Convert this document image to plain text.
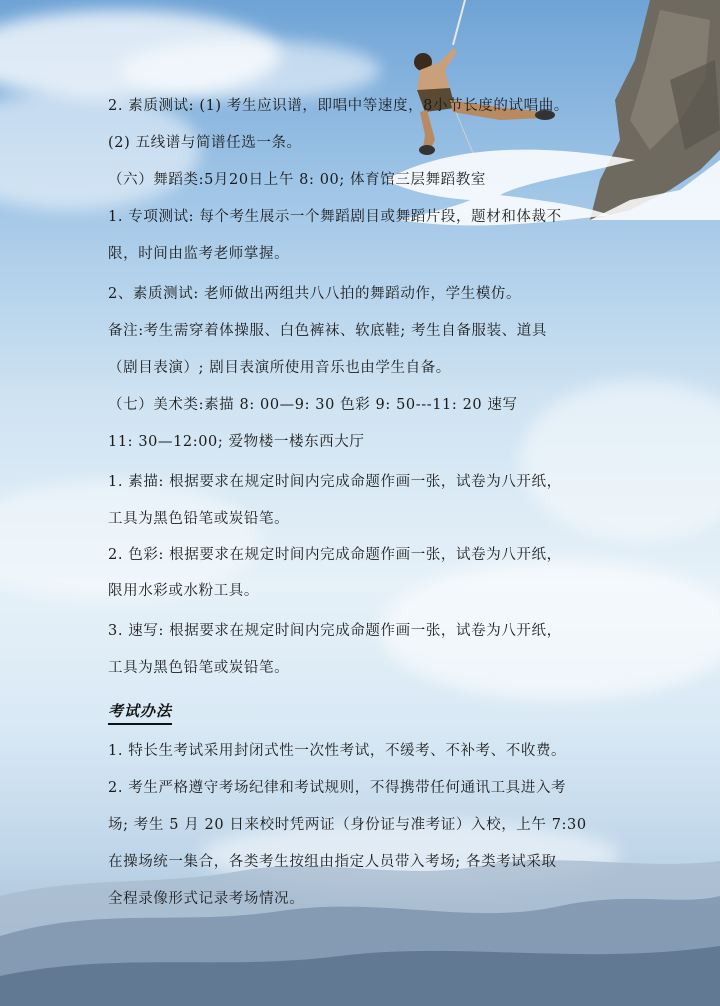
2. 素质测试: (1) 考生应识谱，即唱中等速度，8小节长度的试唱曲。
(2) 五线谱与简谱任选一条。
（六）舞蹈类:5月20日上午 8: 00; 体育馆三层舞蹈教室
1. 专项测试: 每个考生展示一个舞蹈剧目或舞蹈片段，题材和体裁不
限，时间由监考老师掌握。
2、素质测试: 老师做出两组共八八拍的舞蹈动作，学生模仿。
备注:考生需穿着体操服、白色裤袜、软底鞋; 考生自备服装、道具
（剧目表演）; 剧目表演所使用音乐也由学生自备。
（七）美术类:素描 8: 00—9: 30 色彩 9: 50---11: 20 速写
11: 30—12:00; 爱物楼一楼东西大厅
1. 素描: 根据要求在规定时间内完成命题作画一张，试卷为八开纸，
工具为黑色铅笔或炭铅笔。
2. 色彩: 根据要求在规定时间内完成命题作画一张，试卷为八开纸，
限用水彩或水粉工具。
3. 速写: 根据要求在规定时间内完成命题作画一张，试卷为八开纸，
工具为黑色铅笔或炭铅笔。
考试办法
1. 特长生考试采用封闭式性一次性考试，不缓考、不补考、不收费。
2. 考生严格遵守考场纪律和考试规则，不得携带任何通讯工具进入考
场; 考生 5 月 20 日来校时凭两证（身份证与准考证）入校，上午 7:30
在操场统一集合，各类考生按组由指定人员带入考场; 各类考试采取
全程录像形式记录考场情况。
